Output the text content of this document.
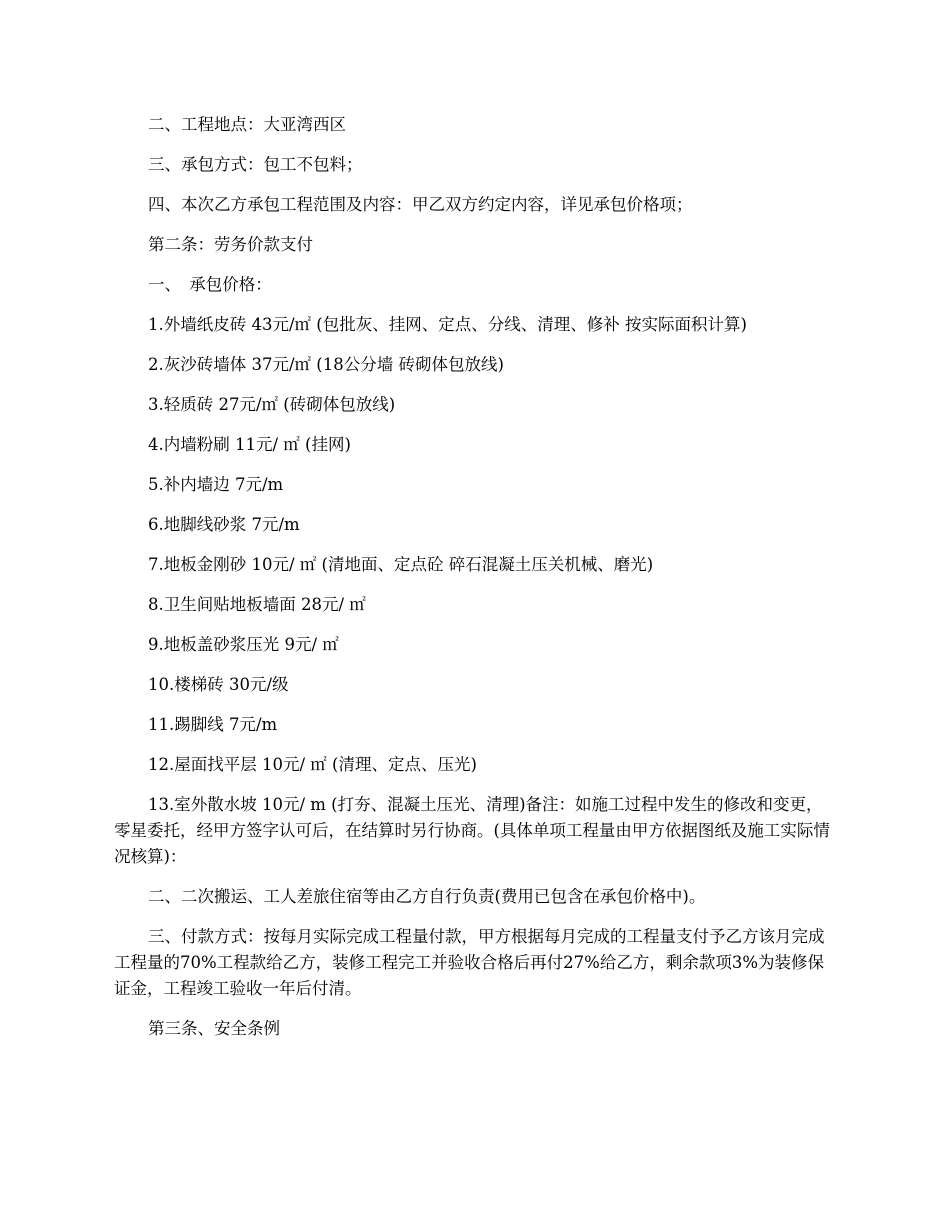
二、工程地点：大亚湾西区

三、承包方式：包工不包料；

四、本次乙方承包工程范围及内容：甲乙双方约定内容，详见承包价格项；

第二条：劳务价款支付

一、　承包价格：

1.外墙纸皮砖 43元/㎡ (包批灰、挂网、定点、分线、清理、修补 按实际面积计算)

2.灰沙砖墙体 37元/㎡ (18公分墙 砖砌体包放线)

3.轻质砖 27元/㎡ (砖砌体包放线)

4.内墙粉刷 11元/ ㎡ (挂网)

5.补内墙边 7元/m

6.地脚线砂浆 7元/m

7.地板金刚砂 10元/ ㎡ (清地面、定点砼 碎石混凝土压关机械、磨光)

8.卫生间贴地板墙面 28元/ ㎡

9.地板盖砂浆压光 9元/ ㎡

10.楼梯砖 30元/级

11.踢脚线 7元/m

12.屋面找平层 10元/ ㎡ (清理、定点、压光)

13.室外散水坡 10元/ m (打夯、混凝土压光、清理)备注：如施工过程中发生的修改和变更，零星委托，经甲方签字认可后，在结算时另行协商。(具体单项工程量由甲方依据图纸及施工实际情况核算)：

二、二次搬运、工人差旅住宿等由乙方自行负责(费用已包含在承包价格中)。

三、付款方式：按每月实际完成工程量付款，甲方根据每月完成的工程量支付予乙方该月完成工程量的70%工程款给乙方，装修工程完工并验收合格后再付27%给乙方，剩余款项3%为装修保证金，工程竣工验收一年后付清。

第三条、安全条例
